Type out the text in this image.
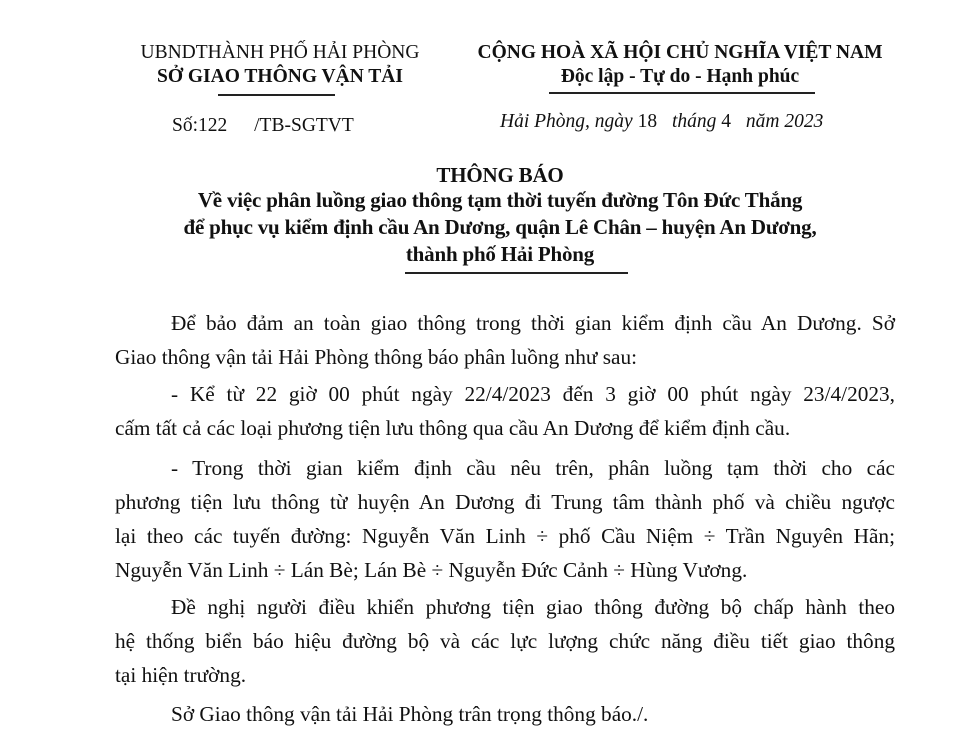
UBNDTHÀNH PHỐ HẢI PHÒNG
SỞ GIAO THÔNG VẬN TẢI
Số:122 /TB-SGTVT
CỘNG HOÀ XÃ HỘI CHỦ NGHĨA VIỆT NAM
Độc lập - Tự do - Hạnh phúc
Hải Phòng, ngày 18 tháng 4 năm 2023
THÔNG BÁO
Về việc phân luồng giao thông tạm thời tuyến đường Tôn Đức Thắng
để phục vụ kiểm định cầu An Dương, quận Lê Chân – huyện An Dương,
thành phố Hải Phòng
Để bảo đảm an toàn giao thông trong thời gian kiểm định cầu An Dương. Sở
Giao thông vận tải Hải Phòng thông báo phân luồng như sau:
- Kể từ 22 giờ 00 phút ngày 22/4/2023 đến 3 giờ 00 phút ngày 23/4/2023,
cấm tất cả các loại phương tiện lưu thông qua cầu An Dương để kiểm định cầu.
- Trong thời gian kiểm định cầu nêu trên, phân luồng tạm thời cho các
phương tiện lưu thông từ huyện An Dương đi Trung tâm thành phố và chiều ngược
lại theo các tuyến đường: Nguyễn Văn Linh ÷ phố Cầu Niệm ÷ Trần Nguyên Hãn;
Nguyễn Văn Linh ÷ Lán Bè; Lán Bè ÷ Nguyễn Đức Cảnh ÷ Hùng Vương.
Đề nghị người điều khiển phương tiện giao thông đường bộ chấp hành theo
hệ thống biển báo hiệu đường bộ và các lực lượng chức năng điều tiết giao thông
tại hiện trường.
Sở Giao thông vận tải Hải Phòng trân trọng thông báo./.
